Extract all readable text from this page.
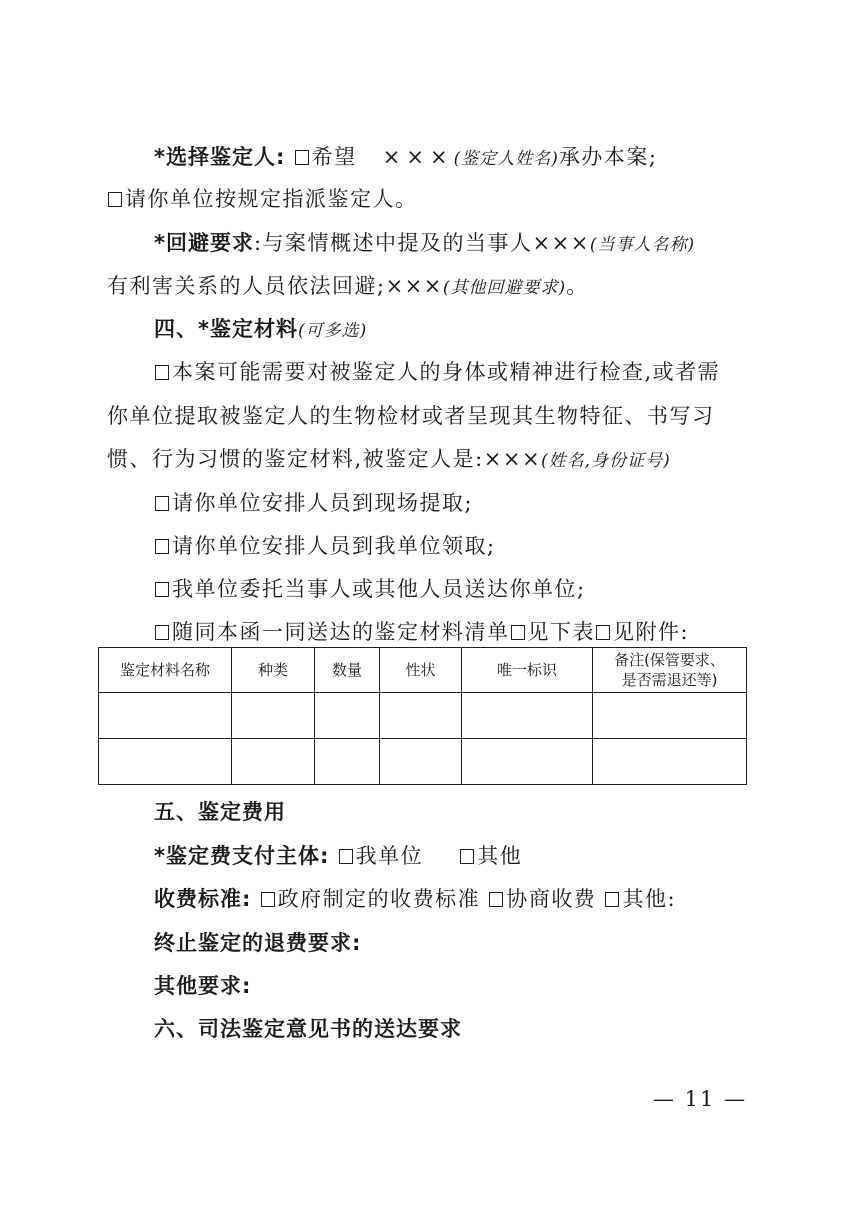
*选择鉴定人: 希望 ×××(鉴定人姓名)承办本案;
请你单位按规定指派鉴定人。
*回避要求:与案情概述中提及的当事人×××(当事人名称)
有利害关系的人员依法回避;×××(其他回避要求)。
四、*鉴定材料(可多选)
本案可能需要对被鉴定人的身体或精神进行检查,或者需
你单位提取被鉴定人的生物检材或者呈现其生物特征、书写习
惯、行为习惯的鉴定材料,被鉴定人是:×××(姓名,身份证号)
请你单位安排人员到现场提取;
请你单位安排人员到我单位领取;
我单位委托当事人或其他人员送达你单位;
随同本函一同送达的鉴定材料清单 见下表 见附件:
鉴定材料名称	种类	数量	性状	唯一标识	备注(保管要求、
是否需退还等)

五、鉴定费用
*鉴定费支付主体: 我单位	其他
收费标准: 政府制定的收费标准 协商收费 其他:
终止鉴定的退费要求:
其他要求:
六、司法鉴定意见书的送达要求
— 11 —
